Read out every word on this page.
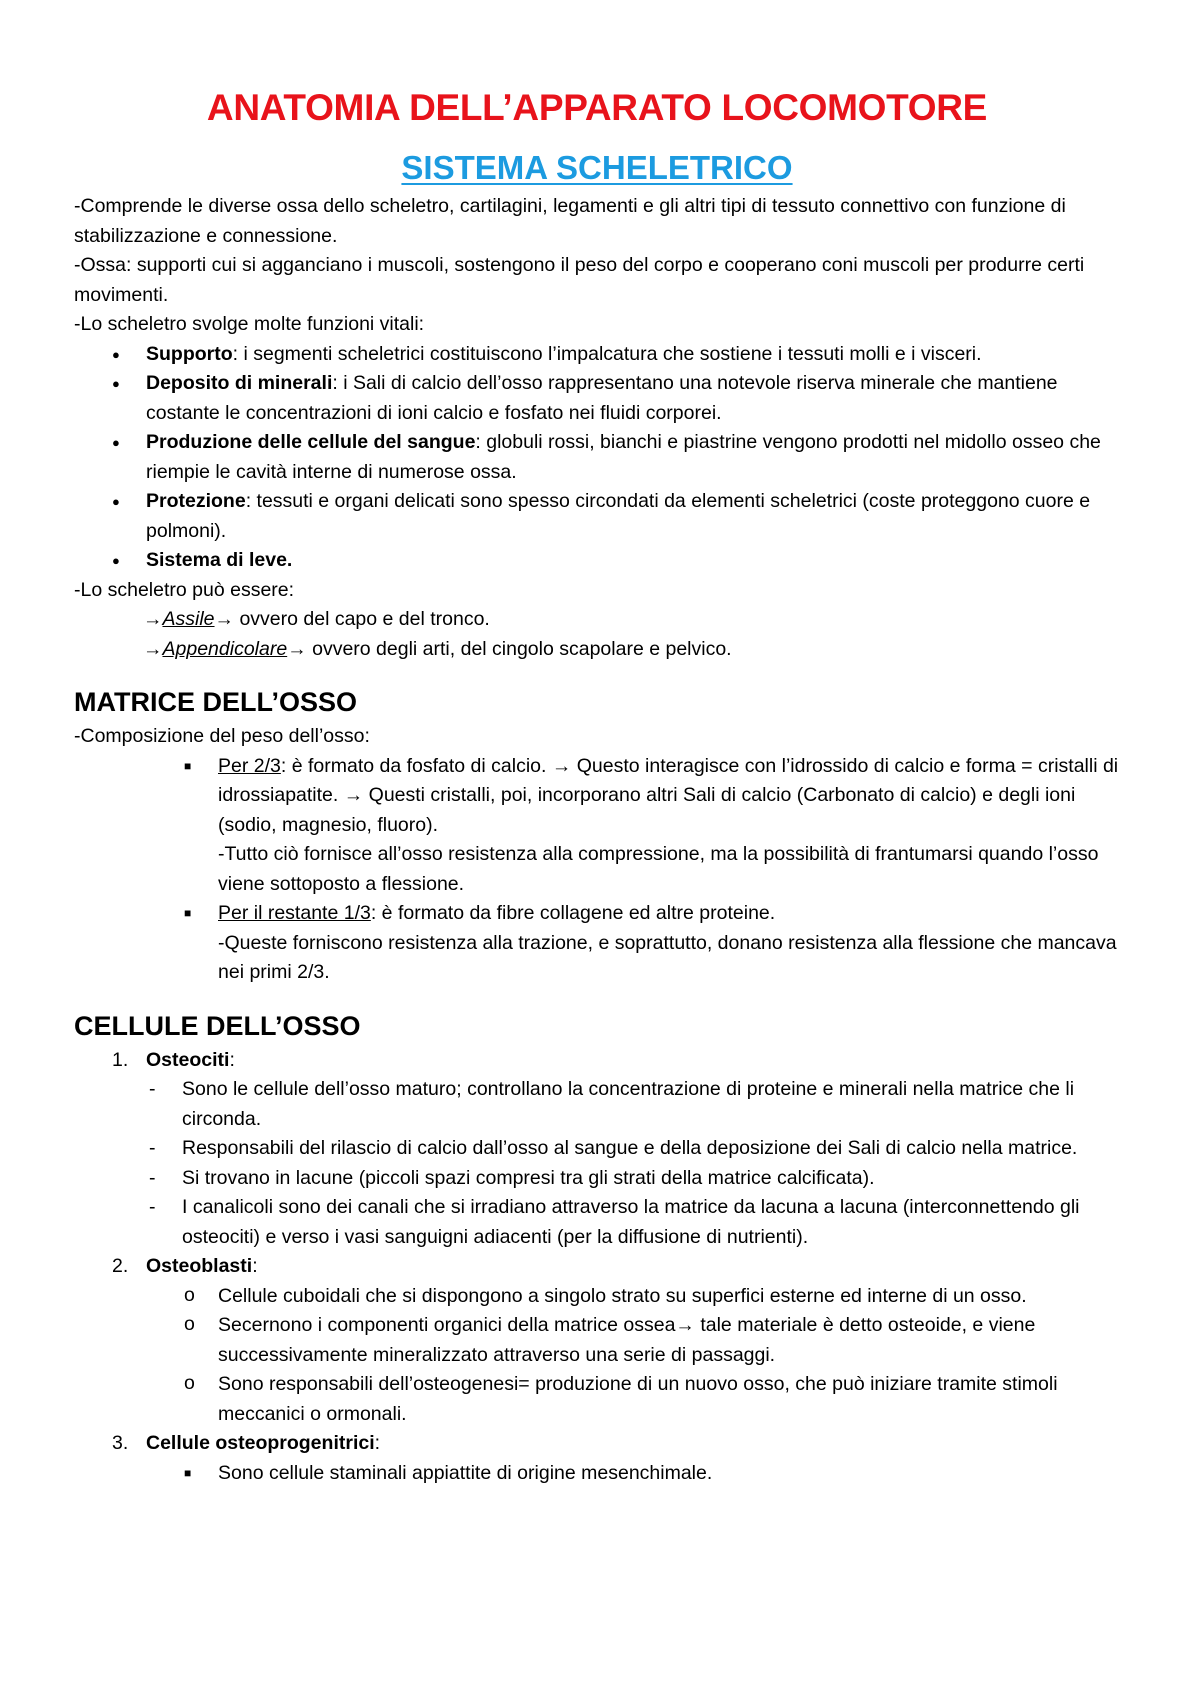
ANATOMIA DELL’APPARATO LOCOMOTORE
SISTEMA SCHELETRICO

-Comprende le diverse ossa dello scheletro, cartilagini, legamenti e gli altri tipi di tessuto connettivo con funzione di stabilizzazione e connessione.

-Ossa: supporti cui si agganciano i muscoli, sostengono il peso del corpo e cooperano coni muscoli per produrre certi movimenti.

-Lo scheletro svolge molte funzioni vitali:

● Supporto: i segmenti scheletrici costituiscono l’impalcatura che sostiene i tessuti molli e i visceri.
● Deposito di minerali: i Sali di calcio dell’osso rappresentano una notevole riserva minerale che mantiene costante le concentrazioni di ioni calcio e fosfato nei fluidi corporei.
● Produzione delle cellule del sangue: globuli rossi, bianchi e piastrine vengono prodotti nel midollo osseo che riempie le cavità interne di numerose ossa.
● Protezione: tessuti e organi delicati sono spesso circondati da elementi scheletrici (coste proteggono cuore e polmoni).
● Sistema di leve.

-Lo scheletro può essere:

→Assile→ ovvero del capo e del tronco.
→Appendicolare→ ovvero degli arti, del cingolo scapolare e pelvico.
MATRICE DELL’OSSO

-Composizione del peso dell’osso:

■ Per 2/3: è formato da fosfato di calcio. → Questo interagisce con l’idrossido di calcio e forma = cristalli di idrossiapatite. → Questi cristalli, poi, incorporano altri Sali di calcio (Carbonato di calcio) e degli ioni (sodio, magnesio, fluoro).
-Tutto ciò fornisce all’osso resistenza alla compressione, ma la possibilità di frantumarsi quando l’osso viene sottoposto a flessione.
■ Per il restante 1/3: è formato da fibre collagene ed altre proteine.
-Queste forniscono resistenza alla trazione, e soprattutto, donano resistenza alla flessione che mancava nei primi 2/3.
CELLULE DELL’OSSO
1. Osteociti:
- Sono le cellule dell’osso maturo; controllano la concentrazione di proteine e minerali nella matrice che li circonda.
- Responsabili del rilascio di calcio dall’osso al sangue e della deposizione dei Sali di calcio nella matrice.
- Si trovano in lacune (piccoli spazi compresi tra gli strati della matrice calcificata).
- I canalicoli sono dei canali che si irradiano attraverso la matrice da lacuna a lacuna (interconnettendo gli osteociti) e verso i vasi sanguigni adiacenti (per la diffusione di nutrienti).
2. Osteoblasti:
o Cellule cuboidali che si dispongono a singolo strato su superfici esterne ed interne di un osso.
o Secernono i componenti organici della matrice ossea→ tale materiale è detto osteoide, e viene successivamente mineralizzato attraverso una serie di passaggi.
o Sono responsabili dell’osteogenesi= produzione di un nuovo osso, che può iniziare tramite stimoli meccanici o ormonali.
3. Cellule osteoprogenitrici:
■ Sono cellule staminali appiattite di origine mesenchimale.
